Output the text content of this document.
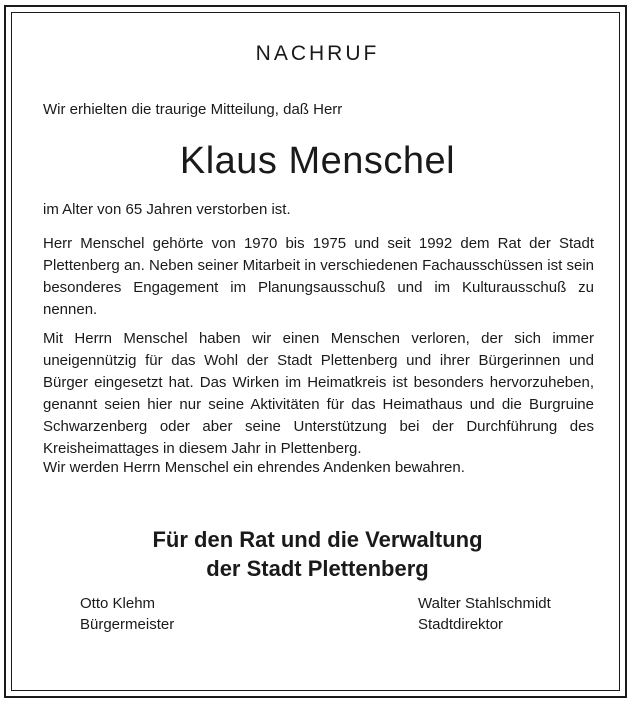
NACHRUF

Wir erhielten die traurige Mitteilung, daß Herr

Klaus Menschel

im Alter von 65 Jahren verstorben ist.

Herr Menschel gehörte von 1970 bis 1975 und seit 1992 dem Rat der Stadt Plettenberg an. Neben seiner Mitarbeit in verschiedenen Fachausschüssen ist sein besonderes Engagement im Planungsausschuß und im Kulturausschuß zu nennen.

Mit Herrn Menschel haben wir einen Menschen verloren, der sich immer uneigennützig für das Wohl der Stadt Plettenberg und ihrer Bürgerinnen und Bürger eingesetzt hat. Das Wirken im Heimatkreis ist besonders hervorzuheben, genannt seien hier nur seine Aktivitäten für das Heimathaus und die Burgruine Schwarzenberg oder aber seine Unterstützung bei der Durchführung des Kreisheimattages in diesem Jahr in Plettenberg.

Wir werden Herrn Menschel ein ehrendes Andenken bewahren.

Für den Rat und die Verwaltung

der Stadt Plettenberg

Otto Klehm
Bürgermeister
Walter Stahlschmidt
Stadtdirektor
